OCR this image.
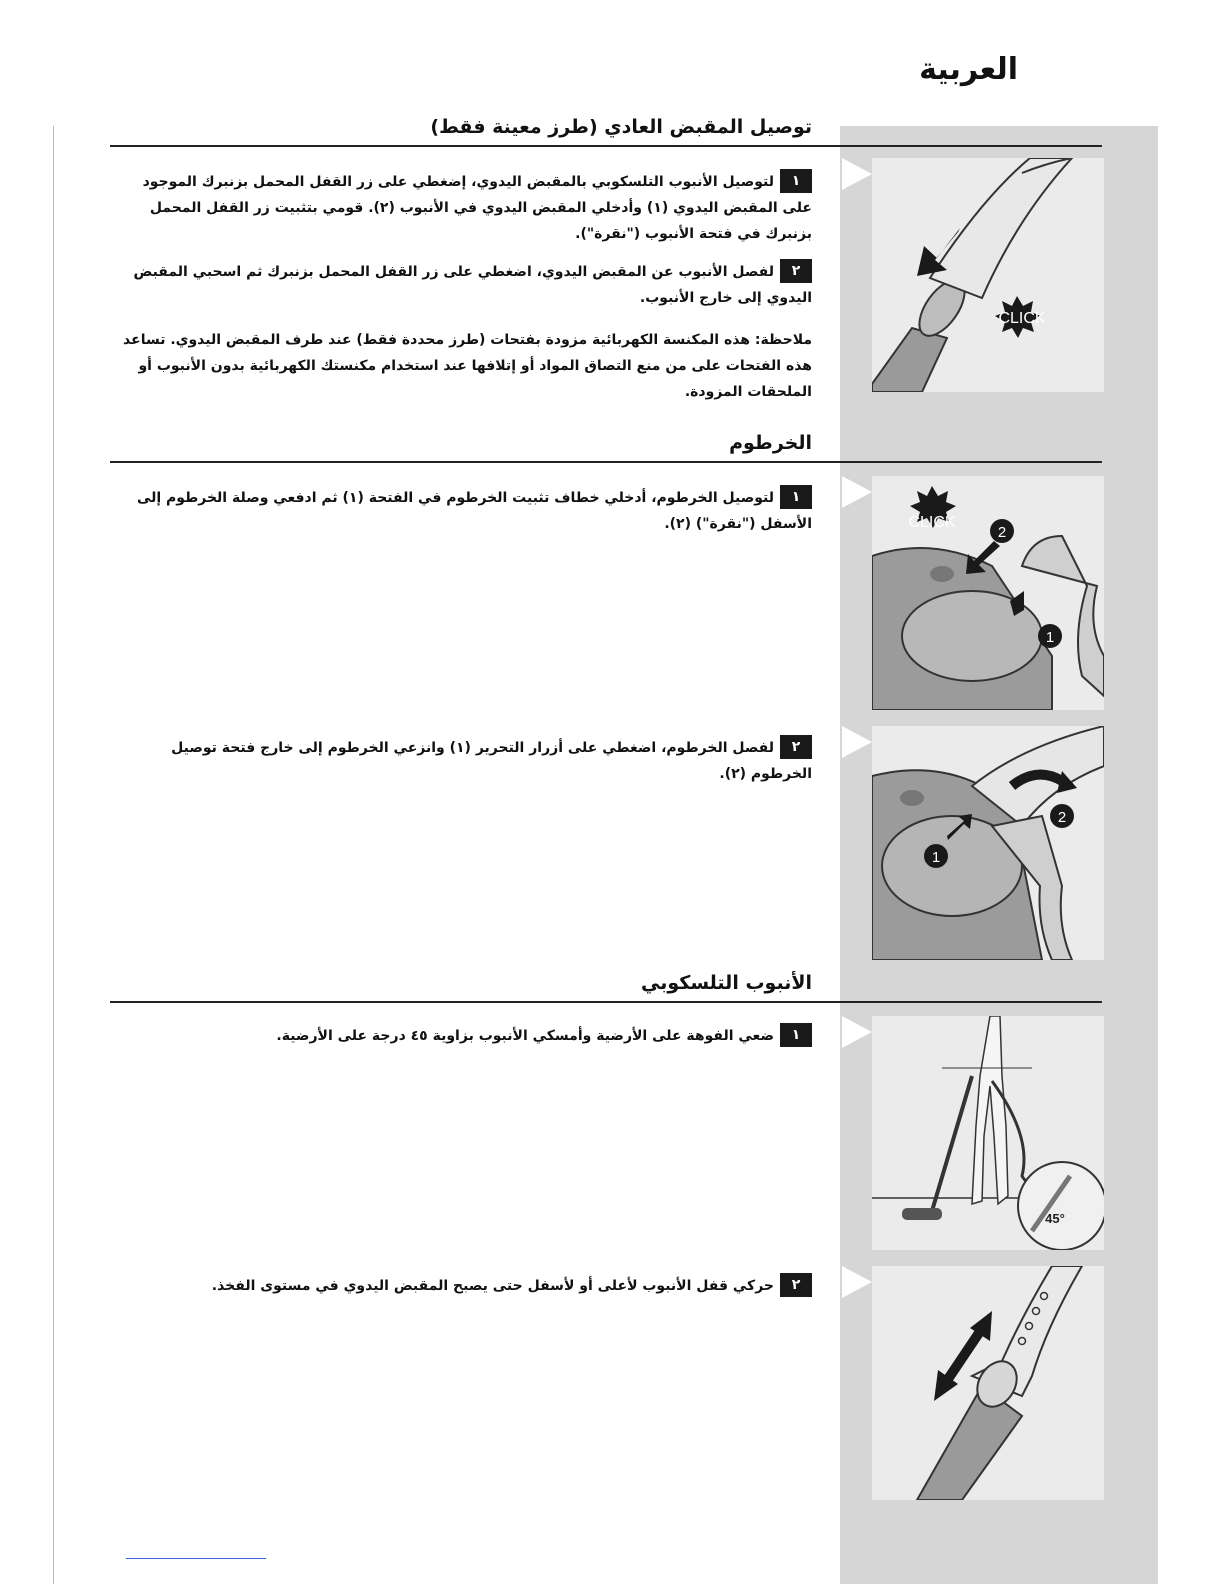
العربية
توصيل المقبض العادي (طرز معينة فقط)
١لتوصيل الأنبوب التلسكوبي بالمقبض اليدوي، إضغطي على زر القفل المحمل بزنبرك الموجود على المقبض اليدوي (١) وأدخلي المقبض اليدوي في الأنبوب (٢). قومي بتثبيت زر القفل المحمل بزنبرك في فتحة الأنبوب ("نقرة").
٢لفصل الأنبوب عن المقبض اليدوي، اضغطي على زر القفل المحمل بزنبرك ثم اسحبي المقبض اليدوي إلى خارج الأنبوب.
ملاحظة: هذه المكنسة الكهربائية مزودة بفتحات (طرز محددة فقط) عند طرف المقبض اليدوي. تساعد هذه الفتحات على من منع التصاق المواد أو إتلافها عند استخدام مكنستك الكهربائية بدون الأنبوب أو الملحقات المزودة.
CLICK
الخرطوم
١لتوصيل الخرطوم، أدخلي خطاف تثبيت الخرطوم في الفتحة (١) ثم ادفعي وصلة الخرطوم إلى الأسفل ("نقرة") (٢).
٢لفصل الخرطوم، اضغطي على أزرار التحرير (١) وانزعي الخرطوم إلى خارج فتحة توصيل الخرطوم (٢).
CLICK
2
1
2
1
الأنبوب التلسكوبي
١ضعي الفوهة على الأرضية وأمسكي الأنبوب بزاوية ٤٥ درجة على الأرضية.
٢حركي قفل الأنبوب لأعلى أو لأسفل حتى يصبح المقبض اليدوي في مستوى الفخذ.
45°
